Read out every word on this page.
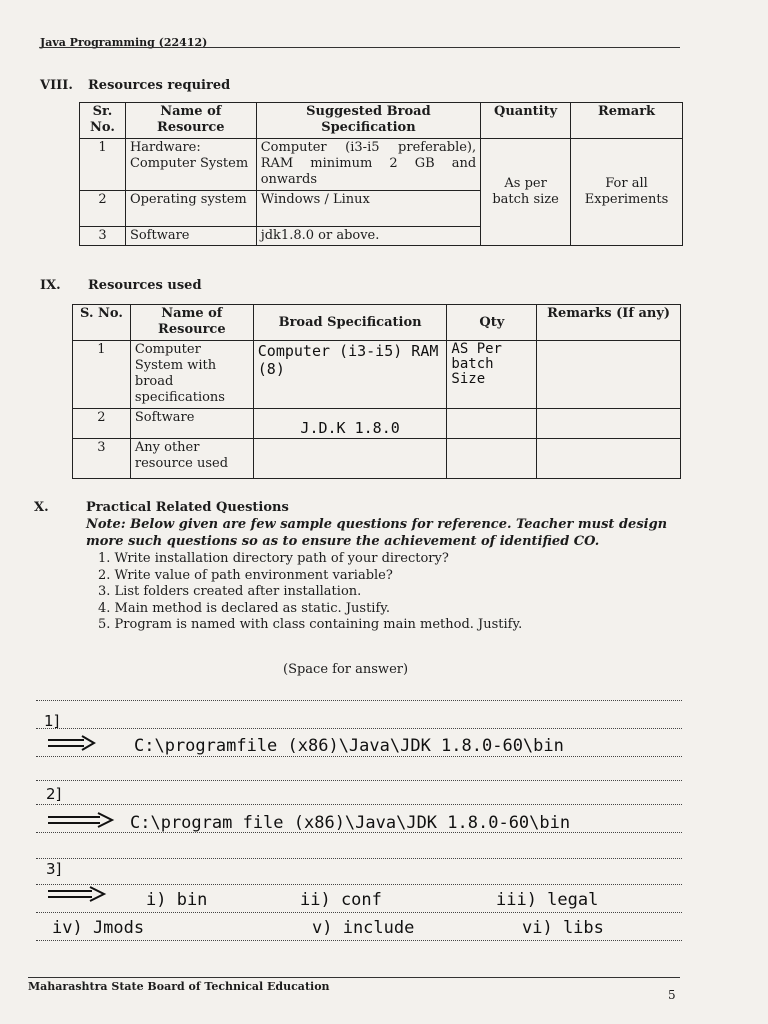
Java Programming (22412)
VIII. Resources required
Sr. No.	Name of Resource	Suggested Broad Specification	Quantity	Remark
1	Hardware: Computer System	Computer (i3-i5 preferable), RAM minimum 2 GB and onwards	As per batch size	For all Experiments
2	Operating system	Windows / Linux		
3	Software	jdk1.8.0 or above.		
IX. Resources used
S. No.	Name of Resource	Broad Specification	Qty	Remarks (If any)
1	Computer System with broad specifications	Computer (i3-i5) RAM (8)	AS Per batch Size	
2	Software	J.D.K 1.8.0		
3	Any other resource used			
X.	Practical Related Questions
Note: Below given are few sample questions for reference. Teacher must design more such questions so as to ensure the achievement of identified CO.
1. Write installation directory path of your directory?
2. Write value of path environment variable?
3. List folders created after installation.
4. Main method is declared as static. Justify.
5. Program is named with class containing main method. Justify.
(Space for answer)
1]
C:\programfile (x86)\Java\JDK 1.8.0-60\bin
2]
C:\program file (x86)\Java\JDK 1.8.0-60\bin
3]
i) bin	ii) conf	iii) legal
iv) Jmods	v) include	vi) libs
Maharashtra State Board of Technical Education
5
